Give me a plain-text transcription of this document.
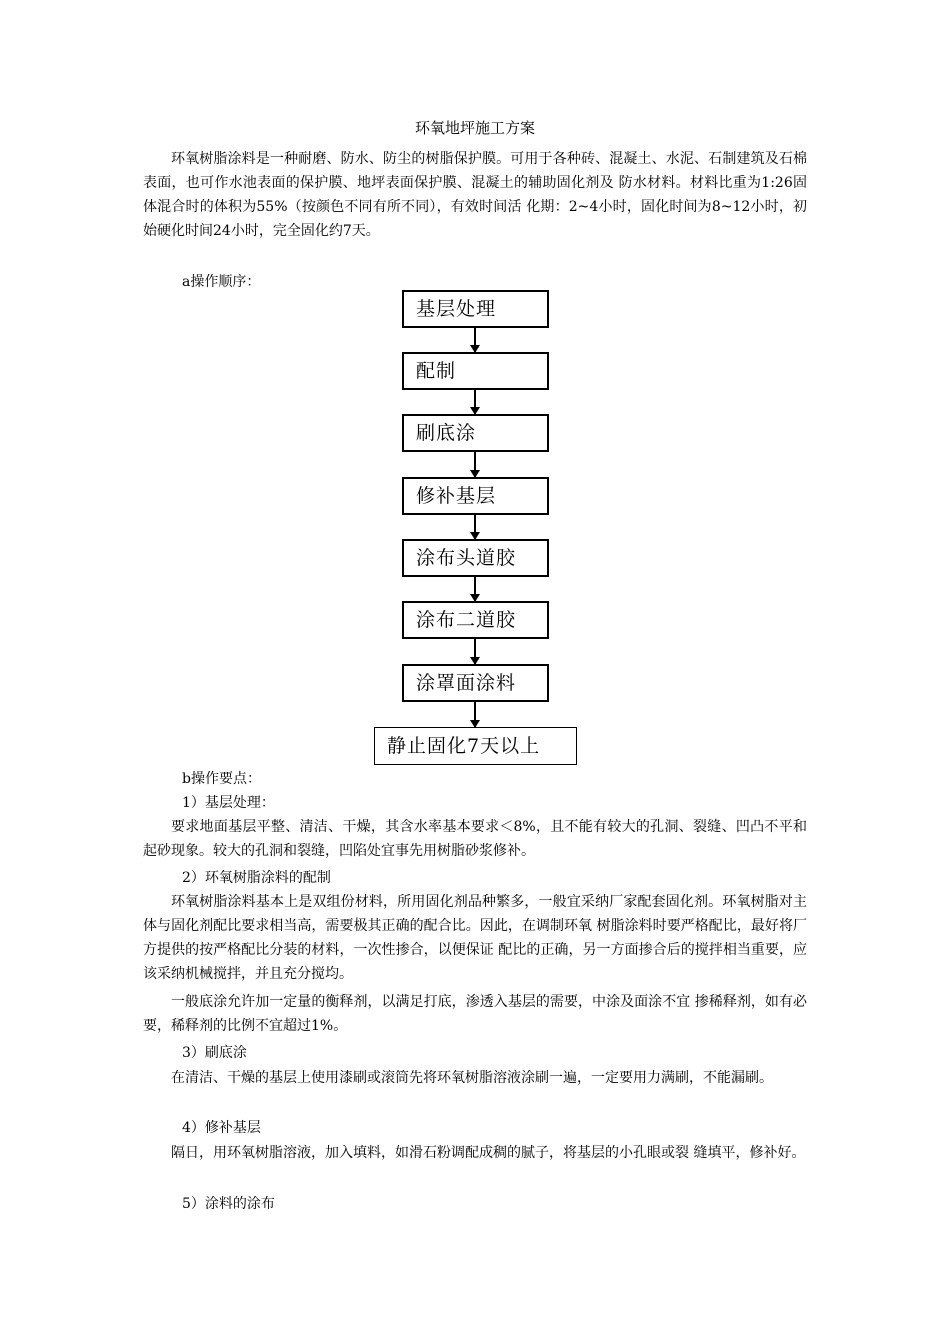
环氧地坪施工方案

环氧树脂涂料是一种耐磨、防水、防尘的树脂保护膜。可用于各种砖、混凝土、水泥、石制建筑及石棉表面，也可作水池表面的保护膜、地坪表面保护膜、混凝土的辅助固化剂及 防水材料。材料比重为1:26固体混合时的体积为55%（按颜色不同有所不同），有效时间活 化期：2~4小时，固化时间为8~12小时，初始硬化时间24小时，完全固化约7天。

a操作顺序：
基层处理
配制
刷底涂
修补基层
涂布头道胶
涂布二道胶
涂罩面涂料
静止固化7天以上
b操作要点：
1）基层处理：

要求地面基层平整、清洁、干燥，其含水率基本要求＜8%，且不能有较大的孔洞、裂缝、凹凸不平和起砂现象。较大的孔洞和裂缝，凹陷处宜事先用树脂砂浆修补。

2）环氧树脂涂料的配制

环氧树脂涂料基本上是双组份材料，所用固化剂品种繁多，一般宜采纳厂家配套固化剂。环氧树脂对主体与固化剂配比要求相当高，需要极其正确的配合比。因此，在调制环氧 树脂涂料时要严格配比，最好将厂方提供的按严格配比分装的材料，一次性掺合，以便保证 配比的正确，另一方面掺合后的搅拌相当重要，应该采纳机械搅拌，并且充分搅均。

一般底涂允许加一定量的衡释剂，以满足打底，渗透入基层的需要，中涂及面涂不宜 掺稀释剂，如有必要，稀释剂的比例不宜超过1%。

3）刷底涂

在清洁、干燥的基层上使用漆刷或滚筒先将环氧树脂溶液涂刷一遍，一定要用力满刷，不能漏刷。

4）修补基层

隔日，用环氧树脂溶液，加入填料，如滑石粉调配成稠的腻子，将基层的小孔眼或裂 缝填平，修补好。

5）涂料的涂布
